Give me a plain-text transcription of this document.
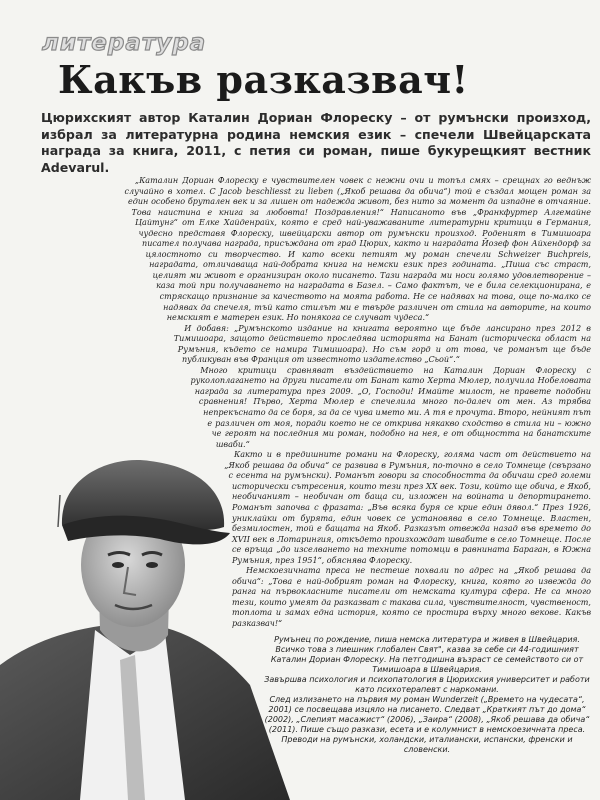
литература
Какъв разказвач!
Цюрихският автор Каталин Дориан Флореску – от румънски произход, избрал за литературна родина немския език – спечели Швейцарската награда за книга, 2011, с петия си роман, пише букурещкият вестник Adevarul.

„Каталин Дориан Флореску е чувствителен човек с нежни очи и топъл смях – срещнах го веднъж случайно в хотел. С Jacob beschliesst zu lieben („Якоб решава да обича“) той е създал мощен роман за един особено брутален век и за лишен от надежда живот, без нито за момент да изпадне в отчаяние. Това наистина е книга за любовта! Поздравления!“ Написаното във „Франкфуртер Алгемайне Цайтунг“ от Елке Хайденрайх, която е сред най-уважаваните литературни критици в Германия, чудесно представя Флореску, швейцарски автор от румънски произход. Роденият в Тимишоара писател получава награда, присъждана от град Цюрих, както и наградата Йозеф фон Айхендорф за цялостното си творчество. И като всеки петият му роман спечели Schweizer Buchpreis, наградата, отличаваща най-добрата книга на немски език през годината. „Пиша със страст, целият ми живот е организиран около писането. Тази награда ми носи голямо удовлетворение – каза той при получаването на наградата в Базел. – Само фактът, че е била селекционирана, е стряскащо признание за качеството на моята работа. Не се надявах на това, още по-малко се надявах да спечеля, тъй като стилът ми е твърде различен от стила на авторите, на които немският е матерен език. Но понякога се случват чудеса.“

И добавя: „Румънското издание на книгата вероятно ще бъде лансирано през 2012 в Тимишоара, защото действието проследява историята на Банат (историческа област на Румъния, където се намира Тимишоара). Но съм горд и от това, че романът ще бъде публикуван във Франция от известното издателство „Сьой“.“

Много критици сравняват въздействието на Каталин Дориан Флореску с руколоплагането на други писатели от Банат като Херта Мюлер, получила Нобеловата награда за литература през 2009. „О, Господи! Имайте милост, не правете подобни сравнения! Първо, Херта Мюлер е спечелила много по-далеч от мен. Аз трябва непрекъснато да се боря, за да се чува името ми. А тя е прочута. Второ, нейният път е различен от моя, поради което не се открива някакво сходство в стила ни – южно че героят на последния ми роман, подобно на нея, е от общността на банатските шваби.“

Както и в предишните романи на Флореску, голяма част от действието на „Якоб решава да обича“ се развива в Румъния, по-точно в село Томнеще (свързано с есента на румънски). Романът говори за способността да обичаш сред големи исторически сътресения, които тези през XX век. Този, който ще обича, е Якоб, необичаният – необичан от баща си, изложен на войната и депортирането. Романът започва с фразата: „Във всяка буря се крие един дявол.“ През 1926, униклайки от бурята, един човек се установява в село Томнеще. Властен, безмилостен, той е бащата на Якоб. Разказът отвежда назад във времето до XVII век в Лотарингия, откъдето произхождат швабите в село Томнеще. После се връща „до изселването на техните потомци в равнината Бараган, в Южна Румъния, през 1951“, обяснява Флореску.

Немскоезичната преса не пестеше похвали по адрес на „Якоб решава да обича“: „Това е най-добрият роман на Флореску, книга, която го извежда до ранга на първокласните писатели от немската култура сфера. Не са много тези, които умеят да разказват с такава сила, чувствителност, чувственост, топлота и замах една история, която се простира върху много векове. Какъв разказвач!“

Румънец по рождение, пиша немска литература и живея в Швейцария. Всичко това з пиешник глобален Свят", казва за себе си 44-годишният Каталин Дориан Флореску. На петгодишна възраст се семейството си от Тимишоара в Швейцария.

Завършва психология и психопатология в Цюрихския университет и работи като психотерапевт с наркомани.

След излизането на първия му роман Wunderzeit („Времето на чудесата“, 2001) се посвещава изцяло на писането. Следват „Краткият път до дома“ (2002), „Слепият масажист“ (2006), „Заира“ (2008), „Якоб решава да обича“ (2011). Пише също разкази, есета и е колумнист в немскоезичната преса. Преводи на румънски, холандски, италиански, испански, френски и словенски.
